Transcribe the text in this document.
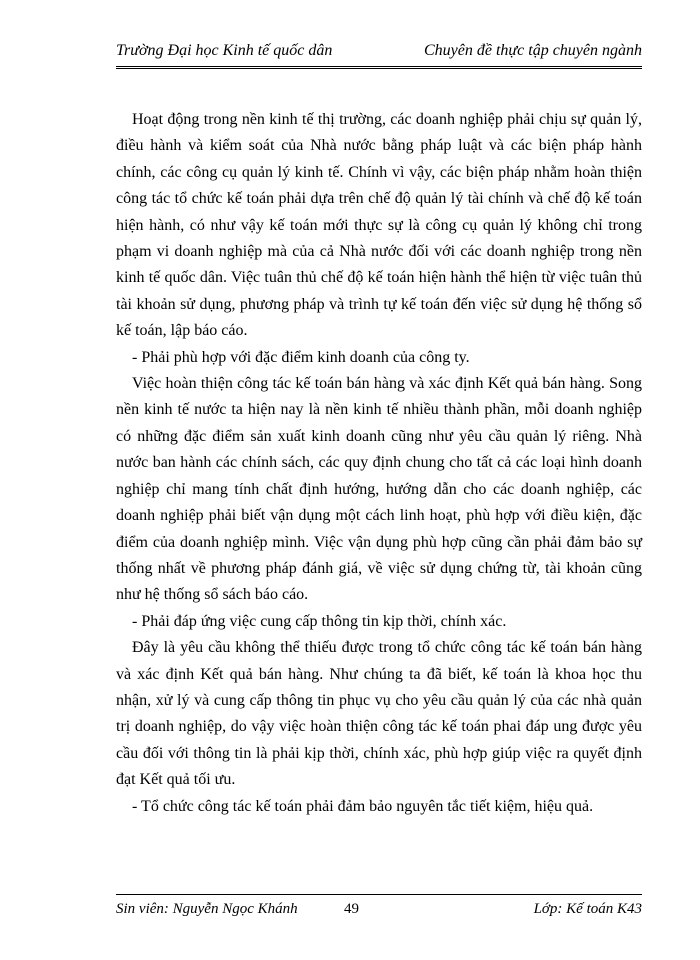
Trường Đại học Kinh tế quốc dân	Chuyên đề thực tập chuyên ngành

Hoạt động trong nền kinh tế thị trường, các doanh nghiệp phải chịu sự quản lý, điều hành và kiểm soát của Nhà nước bằng pháp luật và các biện pháp hành chính, các công cụ quản lý kinh tế. Chính vì vậy, các biện pháp nhằm hoàn thiện công tác tổ chức kế toán phải dựa trên chế độ quản lý tài chính và chế độ kế toán hiện hành, có như vậy kế toán mới thực sự là công cụ quản lý không chỉ trong phạm vi doanh nghiệp mà của cả Nhà nước đối với các doanh nghiệp trong nền kinh tế quốc dân. Việc tuân thủ chế độ kế toán hiện hành thể hiện từ việc tuân thủ tài khoản sử dụng, phương pháp và trình tự kế toán đến việc sử dụng hệ thống sổ kế toán, lập báo cáo.

- Phải phù hợp với đặc điểm kinh doanh của công ty.

Việc hoàn thiện công tác kế toán bán hàng và xác định Kết quả bán hàng. Song nền kinh tế nước ta hiện nay là nền kinh tế nhiều thành phần, mỗi doanh nghiệp có những đặc điểm sản xuất kinh doanh cũng như yêu cầu quản lý riêng. Nhà nước ban hành các chính sách, các quy định chung cho tất cả các loại hình doanh nghiệp chỉ mang tính chất định hướng, hướng dẫn cho các doanh nghiệp, các doanh nghiệp phải biết vận dụng một cách linh hoạt, phù hợp với điều kiện, đặc điểm của doanh nghiệp mình. Việc vận dụng phù hợp cũng cần phải đảm bảo sự thống nhất về phương pháp đánh giá, về việc sử dụng chứng từ, tài khoản cũng như hệ thống sổ sách báo cáo.

- Phải đáp ứng việc cung cấp thông tin kịp thời, chính xác.

Đây là yêu cầu không thể thiếu được trong tổ chức công tác kế toán bán hàng và xác định Kết quả bán hàng. Như chúng ta đã biết, kế toán là khoa học thu nhận, xử lý và cung cấp thông tin phục vụ cho yêu cầu quản lý của các nhà quản trị doanh nghiệp, do vậy việc hoàn thiện công tác kế toán phai đáp ung được yêu cầu đối với thông tin là phải kịp thời, chính xác, phù hợp giúp việc ra quyết định đạt Kết quả tối ưu.

- Tổ chức công tác kế toán phải đảm bảo nguyên tắc tiết kiệm, hiệu quả.

Sin viên: Nguyễn Ngọc Khánh	49	Lớp: Kế toán K43
